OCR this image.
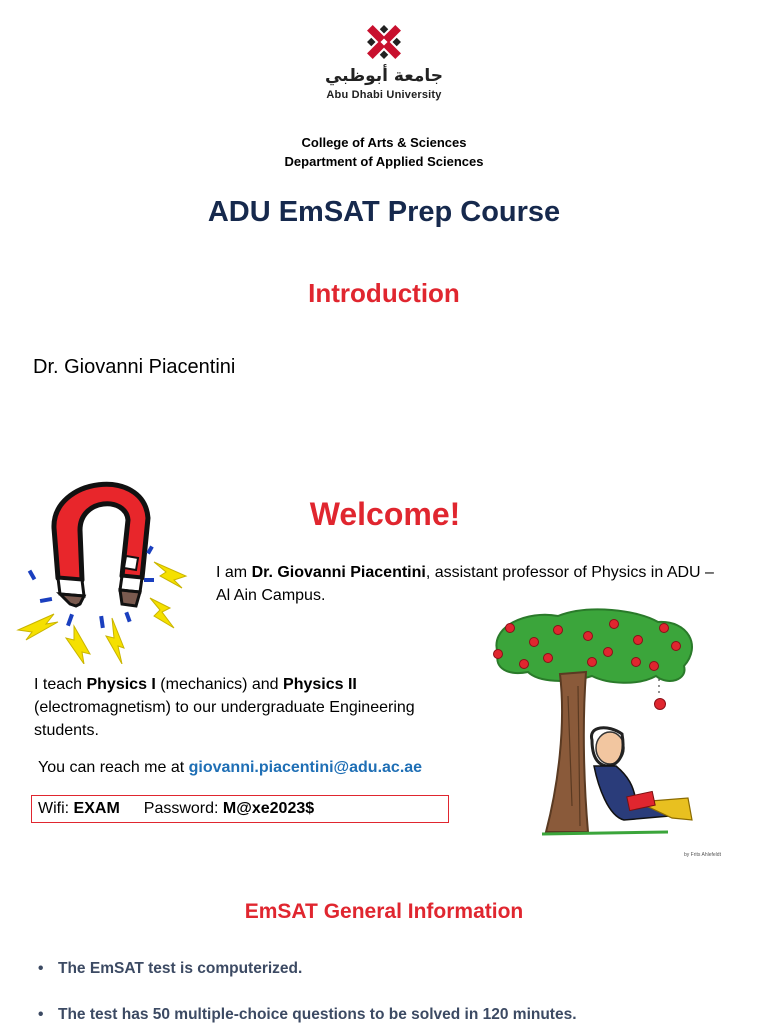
جامعة أبوظبي
Abu Dhabi University
College of Arts & Sciences
Department of Applied Sciences
ADU EmSAT Prep Course
Introduction
Dr. Giovanni Piacentini
Welcome!
I am Dr. Giovanni Piacentini, assistant professor of Physics in ADU – Al Ain Campus.
I teach Physics I (mechanics) and Physics II (electromagnetism) to our undergraduate Engineering students.
You can reach me at giovanni.piacentini@adu.ac.ae
Wifi: EXAM Password: M@xe2023$
by Frits Ahlefeldt
EmSAT General Information
• The EmSAT test is computerized.
• The test has 50 multiple-choice questions to be solved in 120 minutes.
